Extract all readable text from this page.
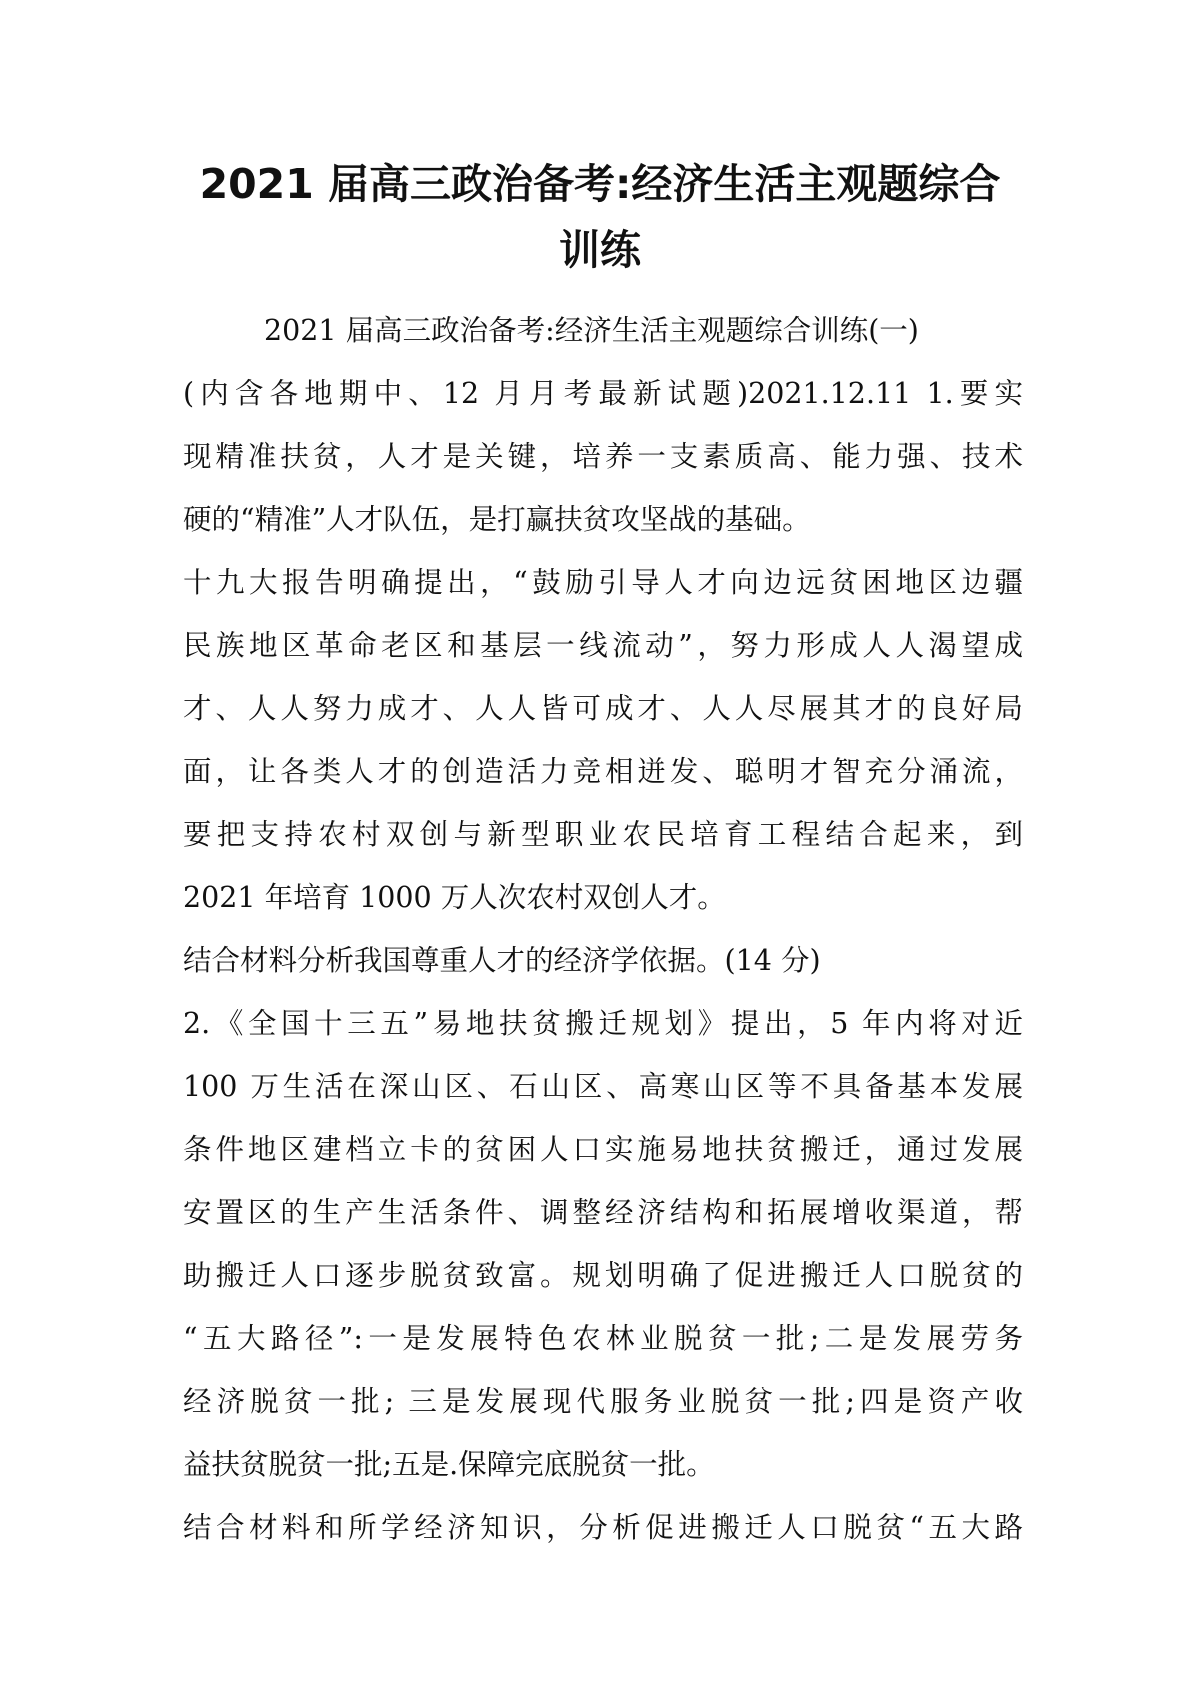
2021 届高三政治备考:经济生活主观题综合
训练
2021 届高三政治备考:经济生活主观题综合训练(一)
(内含各地期中、12 月月考最新试题)2021.12.11 1.要实
现精准扶贫，人才是关键，培养一支素质高、能力强、技术
硬的“精准”人才队伍，是打赢扶贫攻坚战的基础。
十九大报告明确提出，“鼓励引导人才向边远贫困地区边疆
民族地区革命老区和基层一线流动”，努力形成人人渴望成
才、人人努力成才、人人皆可成才、人人尽展其才的良好局
面，让各类人才的创造活力竞相迸发、聪明才智充分涌流，
要把支持农村双创与新型职业农民培育工程结合起来，到
2021 年培育 1000 万人次农村双创人才。
结合材料分析我国尊重人才的经济学依据。(14 分)
2.《全国十三五”易地扶贫搬迁规划》提出，5 年内将对近
100 万生活在深山区、石山区、高寒山区等不具备基本发展
条件地区建档立卡的贫困人口实施易地扶贫搬迁，通过发展
安置区的生产生活条件、调整经济结构和拓展增收渠道，帮
助搬迁人口逐步脱贫致富。规划明确了促进搬迁人口脱贫的
“五大路径”:一是发展特色农林业脱贫一批;二是发展劳务
经济脱贫一批; 三是发展现代服务业脱贫一批;四是资产收
益扶贫脱贫一批;五是.保障完底脱贫一批。
结合材料和所学经济知识，分析促进搬迁人口脱贫“五大路
